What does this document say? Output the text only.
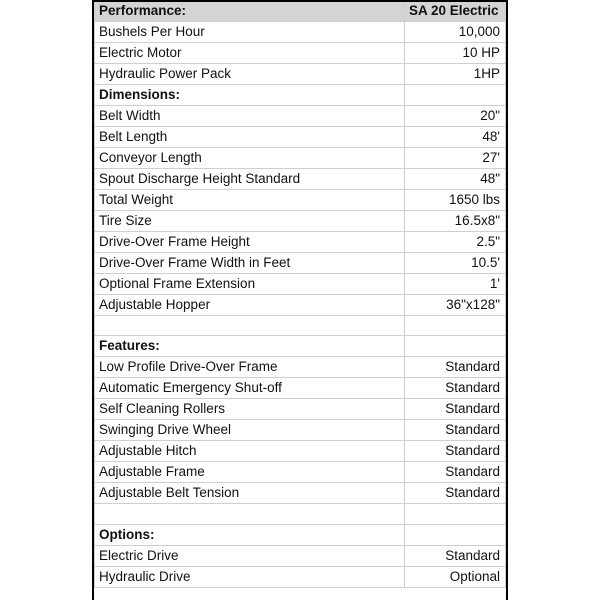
Performance:	SA 20 Electric
Bushels Per Hour	10,000
Electric Motor	10 HP
Hydraulic Power Pack	1HP
Dimensions:	
Belt Width	20"
Belt Length	48'
Conveyor Length	27'
Spout Discharge Height Standard	48"
Total Weight	1650 lbs
Tire Size	16.5x8"
Drive-Over Frame Height	2.5"
Drive-Over Frame Width in Feet	10.5'
Optional Frame Extension	1'
Adjustable Hopper	36"x128"

Features:	
Low Profile Drive-Over Frame	Standard
Automatic Emergency Shut-off	Standard
Self Cleaning Rollers	Standard
Swinging Drive Wheel	Standard
Adjustable Hitch	Standard
Adjustable Frame	Standard
Adjustable Belt Tension	Standard

Options:	
Electric Drive	Standard
Hydraulic Drive	Optional
